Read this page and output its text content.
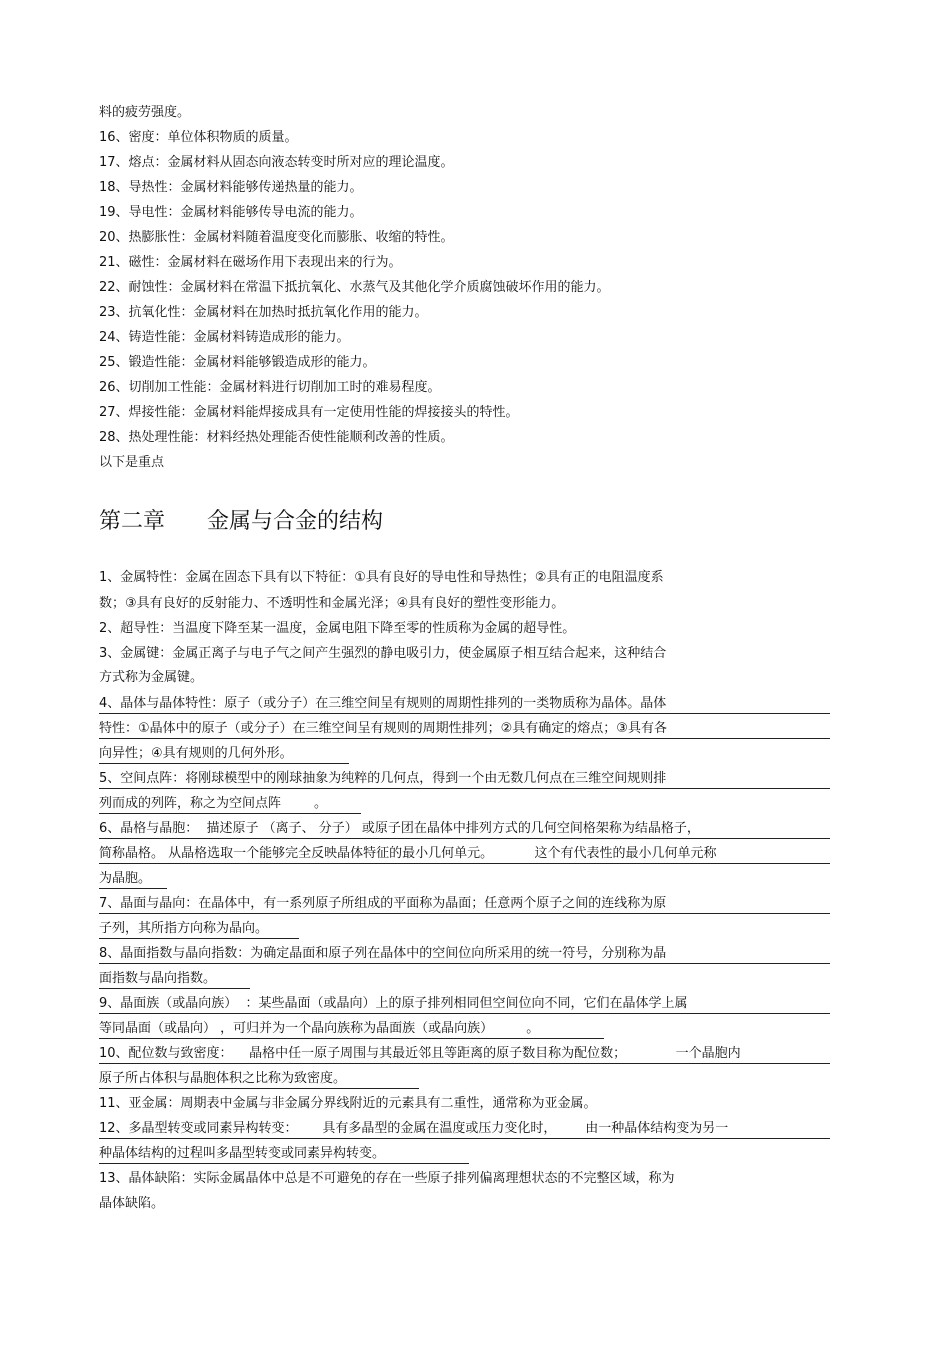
料的疲劳强度。
16、密度：单位体积物质的质量。
17、熔点：金属材料从固态向液态转变时所对应的理论温度。
18、导热性：金属材料能够传递热量的能力。
19、导电性：金属材料能够传导电流的能力。
20、热膨胀性：金属材料随着温度变化而膨胀、收缩的特性。
21、磁性：金属材料在磁场作用下表现出来的行为。
22、耐蚀性：金属材料在常温下抵抗氧化、水蒸气及其他化学介质腐蚀破坏作用的能力。
23、抗氧化性：金属材料在加热时抵抗氧化作用的能力。
24、铸造性能：金属材料铸造成形的能力。
25、锻造性能：金属材料能够锻造成形的能力。
26、切削加工性能：金属材料进行切削加工时的难易程度。
27、焊接性能：金属材料能焊接成具有一定使用性能的焊接接头的特性。
28、热处理性能：材料经热处理能否使性能顺利改善的性质。
以下是重点
第二章      金属与合金的结构
1、金属特性：金属在固态下具有以下特征：①具有良好的导电性和导热性；②具有正的电阻温度系
数；③具有良好的反射能力、不透明性和金属光泽；④具有良好的塑性变形能力。
2、超导性：当温度下降至某一温度，金属电阻下降至零的性质称为金属的超导性。
3、金属键：金属正离子与电子气之间产生强烈的静电吸引力，使金属原子相互结合起来，这种结合
方式称为金属键。
4、晶体与晶体特性：原子（或分子）在三维空间呈有规则的周期性排列的一类物质称为晶体。晶体
特性：①晶体中的原子（或分子）在三维空间呈有规则的周期性排列；②具有确定的熔点；③具有各
向异性；④具有规则的几何外形。
5、空间点阵：将刚球模型中的刚球抽象为纯粹的几何点，得到一个由无数几何点在三维空间规则排
列而成的列阵，称之为空间点阵        。
6、晶格与晶胞：  描述原子 （离子、 分子） 或原子团在晶体中排列方式的几何空间格架称为结晶格子，
简称晶格。 从晶格选取一个能够完全反映晶体特征的最小几何单元。          这个有代表性的最小几何单元称
为晶胞。
7、晶面与晶向：在晶体中，有一系列原子所组成的平面称为晶面；任意两个原子之间的连线称为原
子列，其所指方向称为晶向。
8、晶面指数与晶向指数：为确定晶面和原子列在晶体中的空间位向所采用的统一符号，分别称为晶
面指数与晶向指数。
9、晶面族（或晶向族）  ：某些晶面（或晶向）上的原子排列相同但空间位向不同，它们在晶体学上属
等同晶面（或晶向） ，可归并为一个晶向族称为晶面族（或晶向族）        。
10、配位数与致密度：    晶格中任一原子周围与其最近邻且等距离的原子数目称为配位数；            一个晶胞内
原子所占体积与晶胞体积之比称为致密度。
11、亚金属：周期表中金属与非金属分界线附近的元素具有二重性，通常称为亚金属。
12、多晶型转变或同素异构转变：      具有多晶型的金属在温度或压力变化时，       由一种晶体结构变为另一
种晶体结构的过程叫多晶型转变或同素异构转变。
13、晶体缺陷：实际金属晶体中总是不可避免的存在一些原子排列偏离理想状态的不完整区域，称为
晶体缺陷。
